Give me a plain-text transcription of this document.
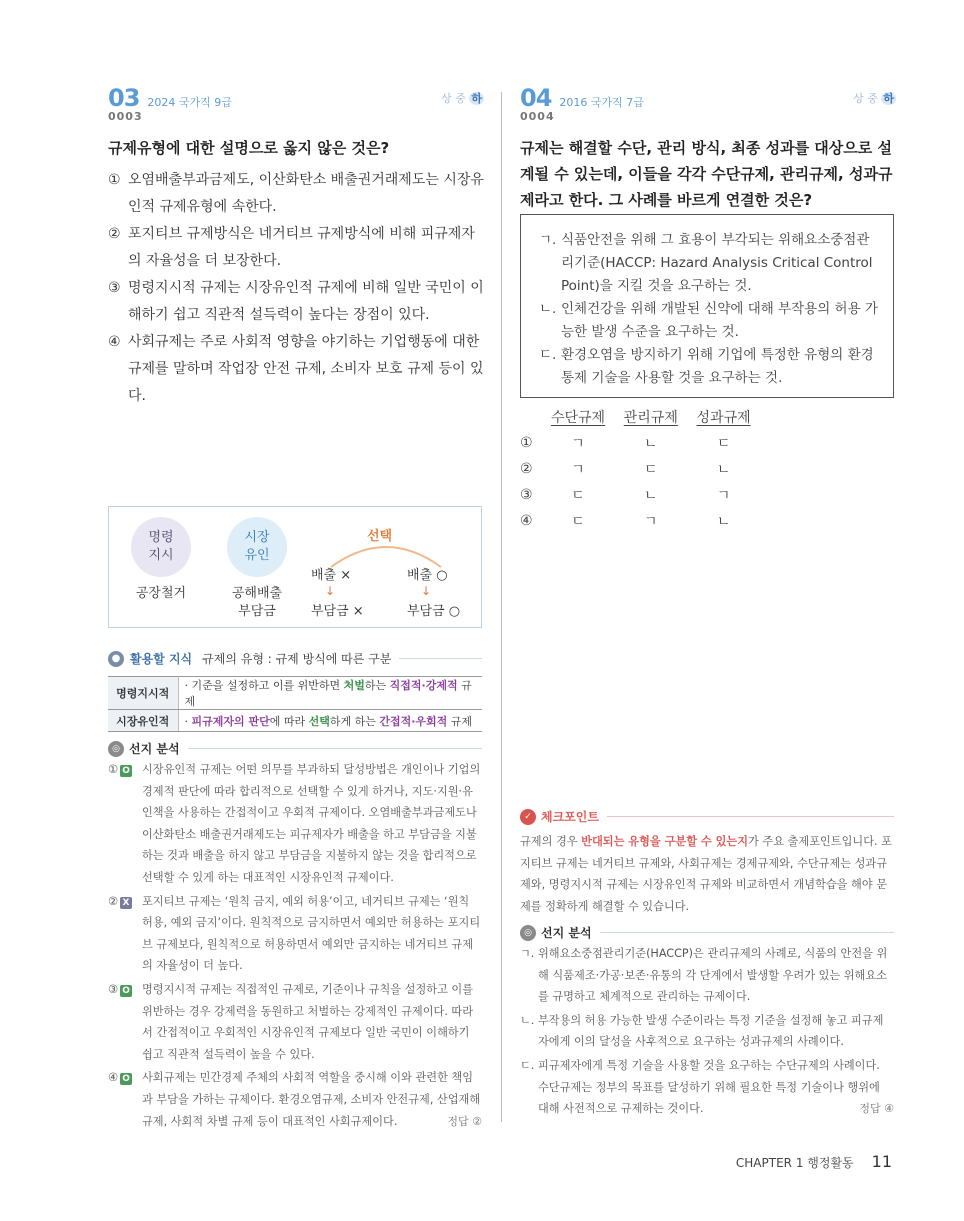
03 2024 국가직 9급	상 중 하
0003
규제유형에 대한 설명으로 옳지 않은 것은?
① 오염배출부과금제도, 이산화탄소 배출권거래제도는 시장유인적 규제유형에 속한다.
② 포지티브 규제방식은 네거티브 규제방식에 비해 피규제자의 자율성을 더 보장한다.
③ 명령지시적 규제는 시장유인적 규제에 비해 일반 국민이 이해하기 쉽고 직관적 설득력이 높다는 장점이 있다.
④ 사회규제는 주로 사회적 영향을 야기하는 기업행동에 대한 규제를 말하며 작업장 안전 규제, 소비자 보호 규제 등이 있다.
명령 지시
시장 유인
공장철거	공해배출
부담금
선택
배출 ×	배출 ○
↓	↓
부담금 ×	부담금 ○
● 활용할 지식 규제의 유형 : 규제 방식에 따른 구분
명령지시적	· 기준을 설정하고 이를 위반하면 처벌하는 직접적·강제적 규제
시장유인적	· 피규제자의 판단에 따라 선택하게 하는 간접적·우회적 규제
◎ 선지 분석
① O	시장유인적 규제는 어떤 의무를 부과하되 달성방법은 개인이나 기업의 경제적 판단에 따라 합리적으로 선택할 수 있게 하거나, 지도·지원·유인책을 사용하는 간접적이고 우회적 규제이다. 오염배출부과금제도나 이산화탄소 배출권거래제도는 피규제자가 배출을 하고 부담금을 지불하는 것과 배출을 하지 않고 부담금을 지불하지 않는 것을 합리적으로 선택할 수 있게 하는 대표적인 시장유인적 규제이다.
② X	포지티브 규제는 ‘원칙 금지, 예외 허용’이고, 네거티브 규제는 ‘원칙 허용, 예외 금지’이다. 원칙적으로 금지하면서 예외만 허용하는 포지티브 규제보다, 원칙적으로 허용하면서 예외만 금지하는 네거티브 규제의 자율성이 더 높다.
③ O	명령지시적 규제는 직접적인 규제로, 기준이나 규칙을 설정하고 이를 위반하는 경우 강제력을 동원하고 처벌하는 강제적인 규제이다. 따라서 간접적이고 우회적인 시장유인적 규제보다 일반 국민이 이해하기 쉽고 직관적 설득력이 높을 수 있다.
④ O	사회규제는 민간경제 주체의 사회적 역할을 중시해 이와 관련한 책임과 부담을 가하는 규제이다. 환경오염규제, 소비자 안전규제, 산업재해규제, 사회적 차별 규제 등이 대표적인 사회규제이다.	정답 ②
04 2016 국가직 7급	상 중 하
0004
규제는 해결할 수단, 관리 방식, 최종 성과를 대상으로 설계될 수 있는데, 이들을 각각 수단규제, 관리규제, 성과규제라고 한다. 그 사례를 바르게 연결한 것은?
ㄱ. 식품안전을 위해 그 효용이 부각되는 위해요소중점관리기준(HACCP: Hazard Analysis Critical Control Point)을 지킬 것을 요구하는 것.
ㄴ. 인체건강을 위해 개발된 신약에 대해 부작용의 허용 가능한 발생 수준을 요구하는 것.
ㄷ. 환경오염을 방지하기 위해 기업에 특정한 유형의 환경통제 기술을 사용할 것을 요구하는 것.
수단규제	관리규제	성과규제
①	ㄱ	ㄴ	ㄷ
②	ㄱ	ㄷ	ㄴ
③	ㄷ	ㄴ	ㄱ
④	ㄷ	ㄱ	ㄴ
✓ 체크포인트
규제의 경우 반대되는 유형을 구분할 수 있는지가 주요 출제포인트입니다. 포지티브 규제는 네거티브 규제와, 사회규제는 경제규제와, 수단규제는 성과규제와, 명령지시적 규제는 시장유인적 규제와 비교하면서 개념학습을 해야 문제를 정확하게 해결할 수 있습니다.
◎ 선지 분석
ㄱ. 위해요소중점관리기준(HACCP)은 관리규제의 사례로, 식품의 안전을 위해 식품제조·가공·보존·유통의 각 단계에서 발생할 우려가 있는 위해요소를 규명하고 체계적으로 관리하는 규제이다.
ㄴ. 부작용의 허용 가능한 발생 수준이라는 특정 기준을 설정해 놓고 피규제자에게 이의 달성을 사후적으로 요구하는 성과규제의 사례이다.
ㄷ. 피규제자에게 특정 기술을 사용할 것을 요구하는 수단규제의 사례이다. 수단규제는 정부의 목표를 달성하기 위해 필요한 특정 기술이나 행위에 대해 사전적으로 규제하는 것이다.	정답 ④
CHAPTER 1 행정활동 11
